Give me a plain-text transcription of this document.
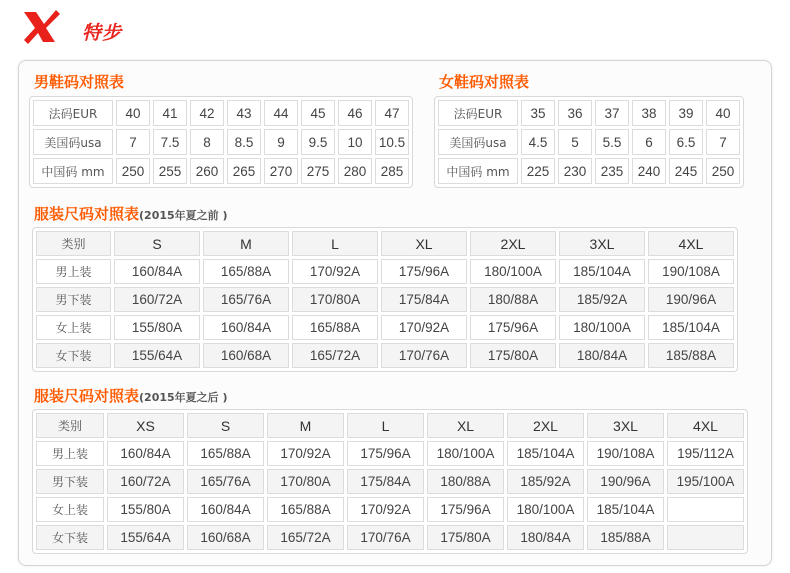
特步
男鞋码对照表
法码EUR	40	41	42	43	44	45	46	47
美国码usa	7	7.5	8	8.5	9	9.5	10	10.5
中国码 mm	250	255	260	265	270	275	280	285
女鞋码对照表
法码EUR	35	36	37	38	39	40
美国码usa	4.5	5	5.5	6	6.5	7
中国码 mm	225	230	235	240	245	250
服装尺码对照表(2015年夏之前 )
类别	S	M	L	XL	2XL	3XL	4XL
男上装	160/84A	165/88A	170/92A	175/96A	180/100A	185/104A	190/108A
男下装	160/72A	165/76A	170/80A	175/84A	180/88A	185/92A	190/96A
女上装	155/80A	160/84A	165/88A	170/92A	175/96A	180/100A	185/104A
女下装	155/64A	160/68A	165/72A	170/76A	175/80A	180/84A	185/88A
服装尺码对照表(2015年夏之后 )
类别	XS	S	M	L	XL	2XL	3XL	4XL
男上装	160/84A	165/88A	170/92A	175/96A	180/100A	185/104A	190/108A	195/112A
男下装	160/72A	165/76A	170/80A	175/84A	180/88A	185/92A	190/96A	195/100A
女上装	155/80A	160/84A	165/88A	170/92A	175/96A	180/100A	185/104A	
女下装	155/64A	160/68A	165/72A	170/76A	175/80A	180/84A	185/88A	
